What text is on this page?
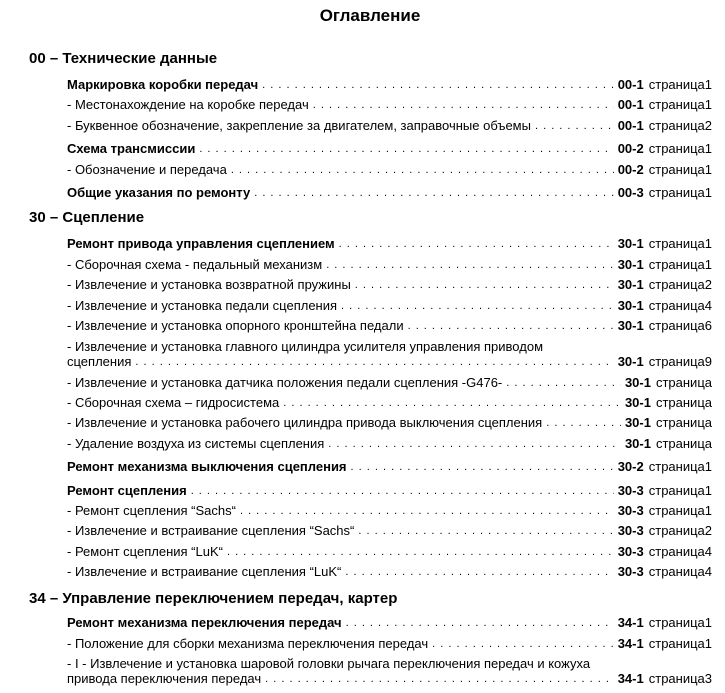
Оглавление
00 – Технические данные
30 – Сцепление
34 – Управление переключением передач, картер
Маркировка коробки передач . . .	00-1 страница1
- Местонахождение на коробке передач . . .	00-1 страница1
- Буквенное обозначение, закрепление за двигателем, заправочные объемы . . .	00-1 страница2
Схема трансмиссии . . .	00-2 страница1
- Обозначение и передача . . .	00-2 страница1
Общие указания по ремонту . . .	00-3 страница1
Ремонт привода управления сцеплением . . .	30-1 страница1
- Сборочная схема - педальный механизм . . .	30-1 страница1
- Извлечение и установка возвратной пружины . . .	30-1 страница2
- Извлечение и установка педали сцепления . . .	30-1 страница4
- Извлечение и установка опорного кронштейна педали . . .	30-1 страница6
- Извлечение и установка главного цилиндра усилителя управления приводом
сцепления . . .	30-1 страница9
- Извлечение и установка датчика положения педали сцепления -G476- . . .	30-1 страница
- Сборочная схема – гидросистема . . .	30-1 страница
- Извлечение и установка рабочего цилиндра привода выключения сцепления . . .	30-1 страница
- Удаление воздуха из системы сцепления . . .	30-1 страница
Ремонт механизма выключения сцепления . . .	30-2 страница1
Ремонт сцепления . . .	30-3 страница1
- Ремонт сцепления “Sachs“ . . .	30-3 страница1
- Извлечение и встраивание сцепления “Sachs“ . . .	30-3 страница2
- Ремонт сцепления “LuK“ . . .	30-3 страница4
- Извлечение и встраивание сцепления “LuK“ . . .	30-3 страница4
Ремонт механизма переключения передач . . .	34-1 страница1
- Положение для сборки механизма переключения передач . . .	34-1 страница1
- I - Извлечение и установка шаровой головки рычага переключения передач и кожуха
привода переключения передач . . .	34-1 страница3
